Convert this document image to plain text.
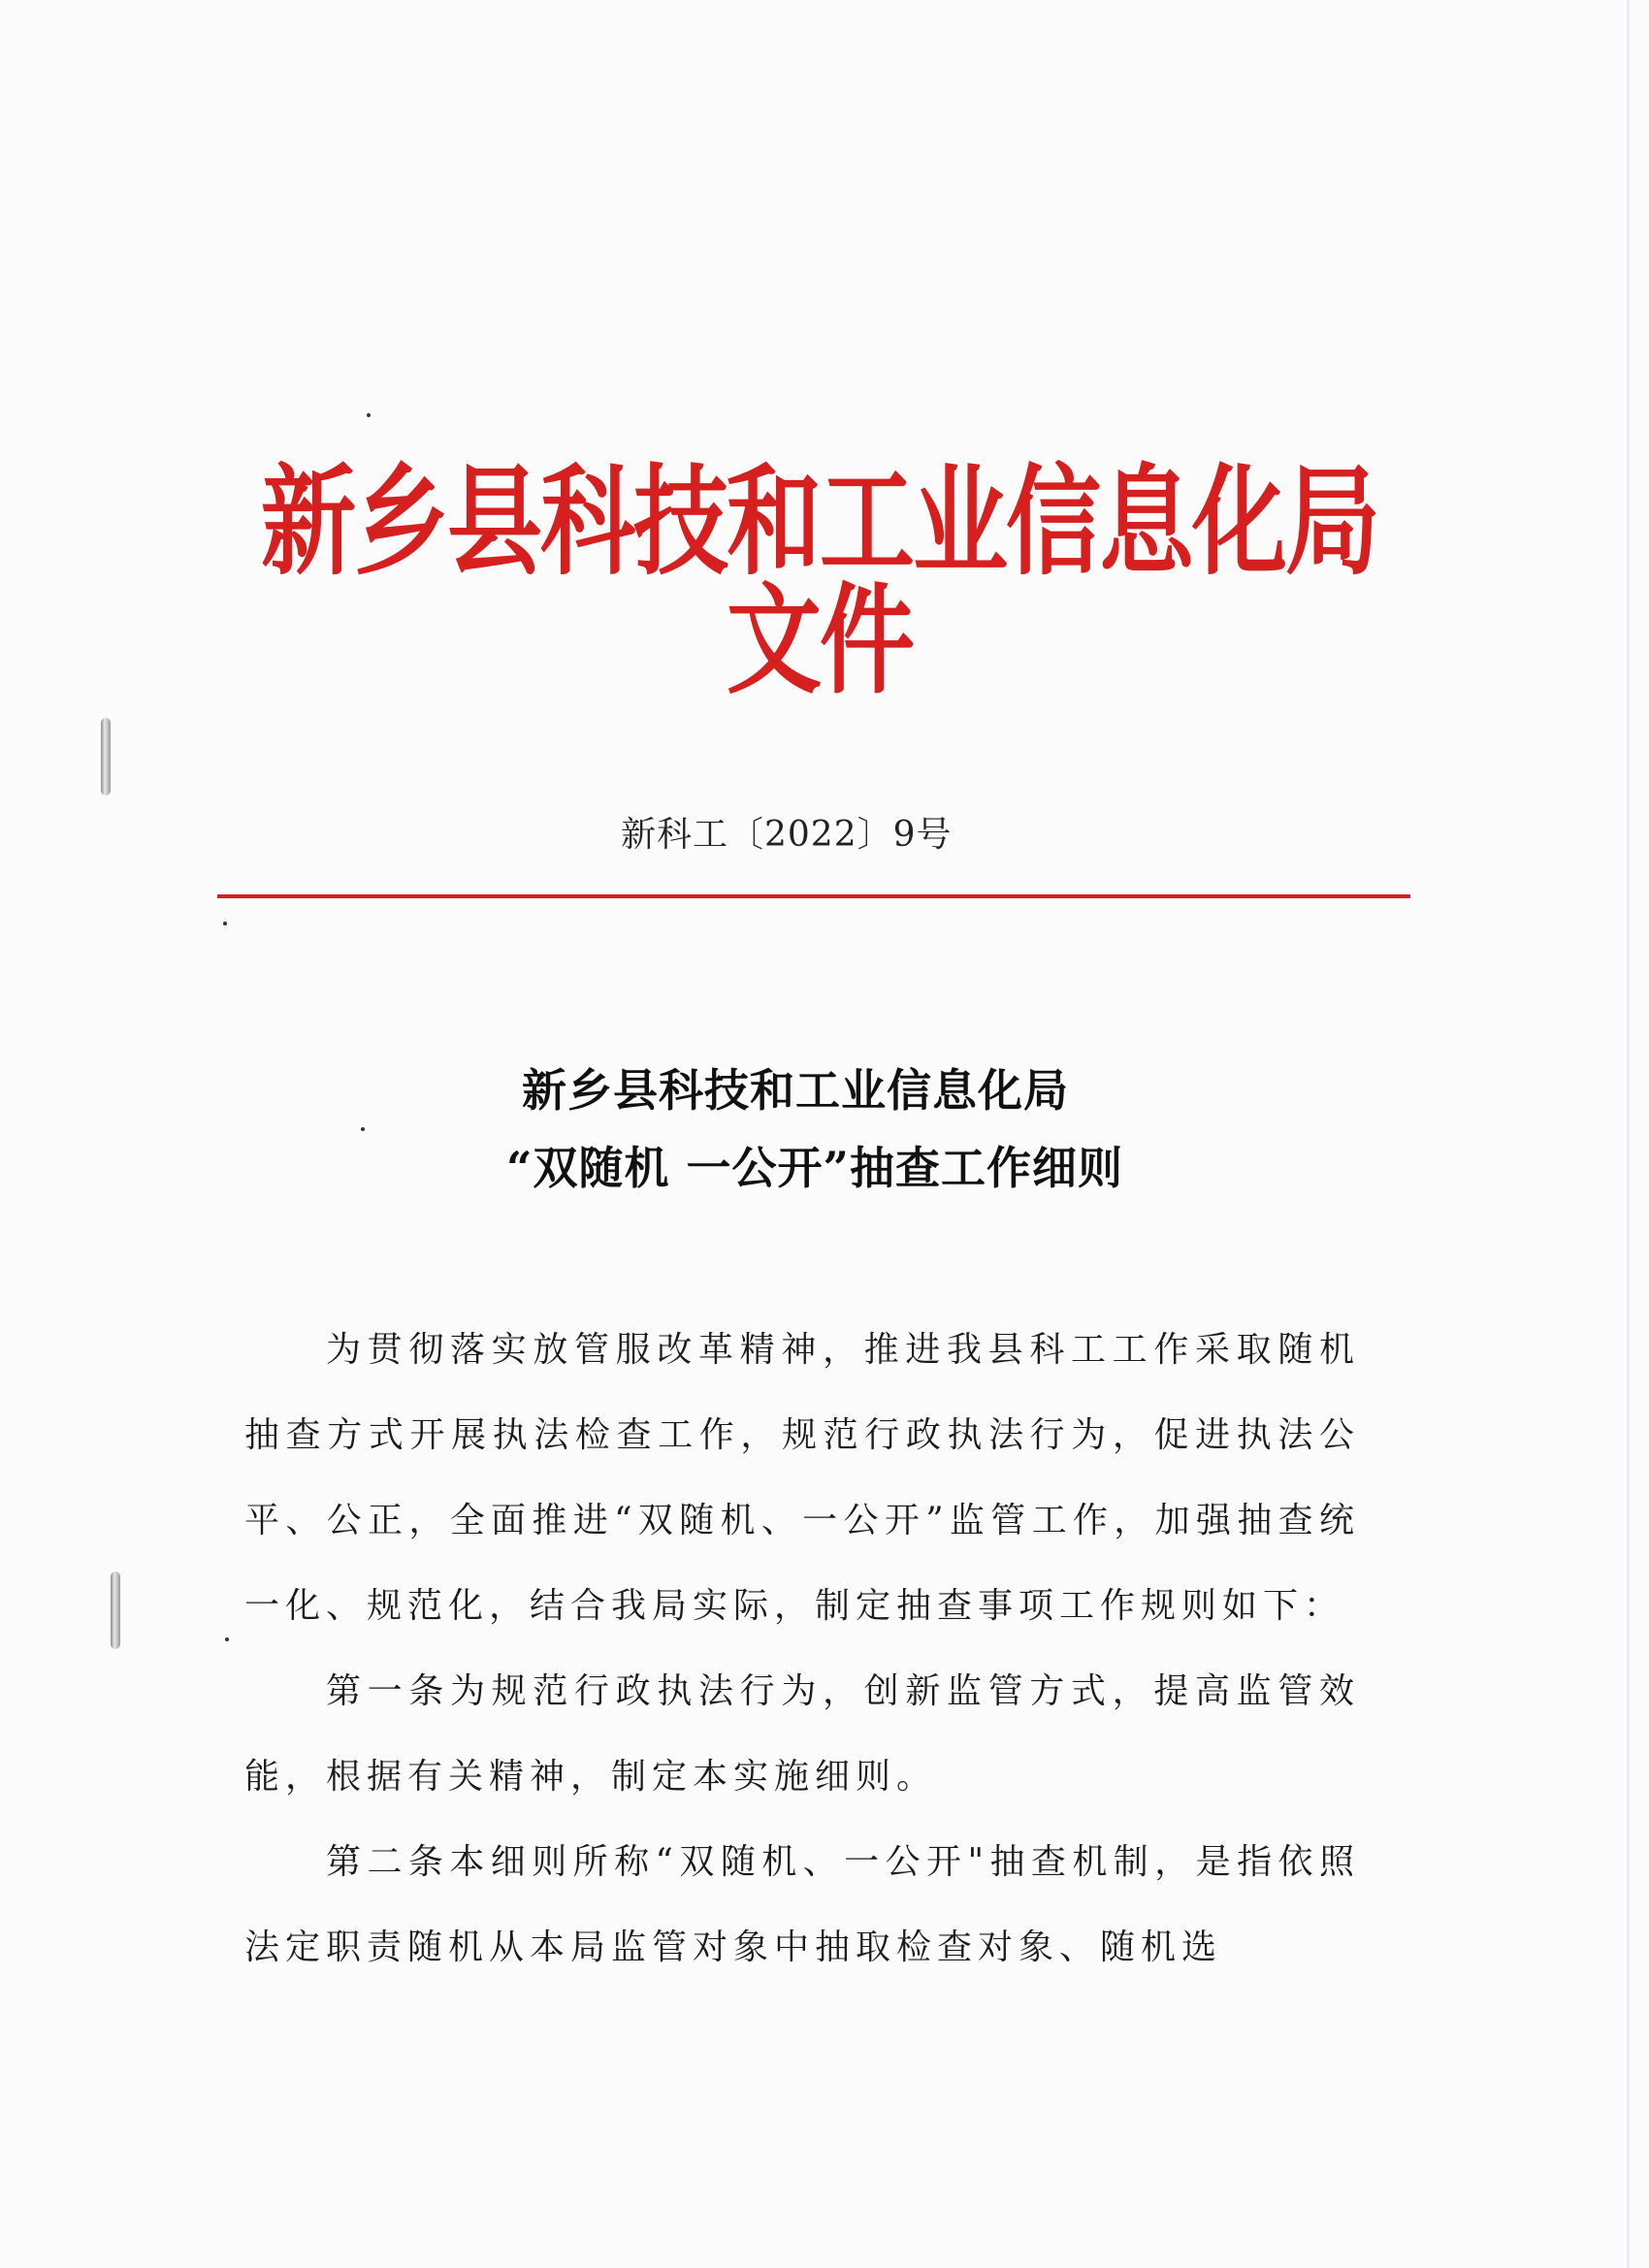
新乡县科技和工业信息化局文件
新科工〔2022〕9号
新乡县科技和工业信息化局
“双随机 一公开”抽查工作细则

为贯彻落实放管服改革精神，推进我县科工工作采取随机抽查方式开展执法检查工作，规范行政执法行为，促进执法公平、公正，全面推进“双随机、一公开”监管工作，加强抽查统一化、规范化，结合我局实际，制定抽查事项工作规则如下：

第一条为规范行政执法行为，创新监管方式，提高监管效能，根据有关精神，制定本实施细则。

第二条本细则所称“双随机、一公开"抽查机制，是指依照法定职责随机从本局监管对象中抽取检查对象、随机选
